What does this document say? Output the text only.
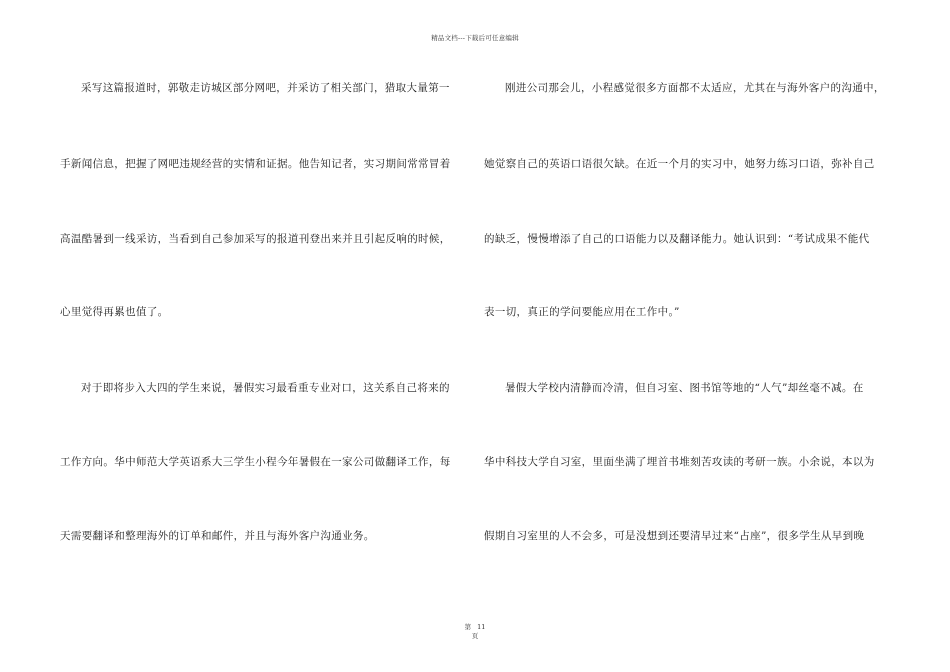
精品文档---下载后可任意编辑
采写这篇报道时，郭敬走访城区部分网吧，并采访了相关部门，猎取大量第一
手新闻信息，把握了网吧违规经营的实情和证据。他告知记者，实习期间常常冒着
高温酷暑到一线采访，当看到自己参加采写的报道刊登出来并且引起反响的时候，
心里觉得再累也值了。
对于即将步入大四的学生来说，暑假实习最看重专业对口，这关系自己将来的
工作方向。华中师范大学英语系大三学生小程今年暑假在一家公司做翻译工作，每
天需要翻译和整理海外的订单和邮件，并且与海外客户沟通业务。
刚进公司那会儿，小程感觉很多方面都不太适应，尤其在与海外客户的沟通中，
她觉察自己的英语口语很欠缺。在近一个月的实习中，她努力练习口语，弥补自己
的缺乏，慢慢增添了自己的口语能力以及翻译能力。她认识到：“考试成果不能代
表一切，真正的学问要能应用在工作中。”
暑假大学校内清静而冷清，但自习室、图书馆等地的“人气”却丝毫不减。在
华中科技大学自习室，里面坐满了埋首书堆刻苦攻读的考研一族。小余说，本以为
假期自习室里的人不会多，可是没想到还要清早过来“占座”，很多学生从早到晚
第 11
页
